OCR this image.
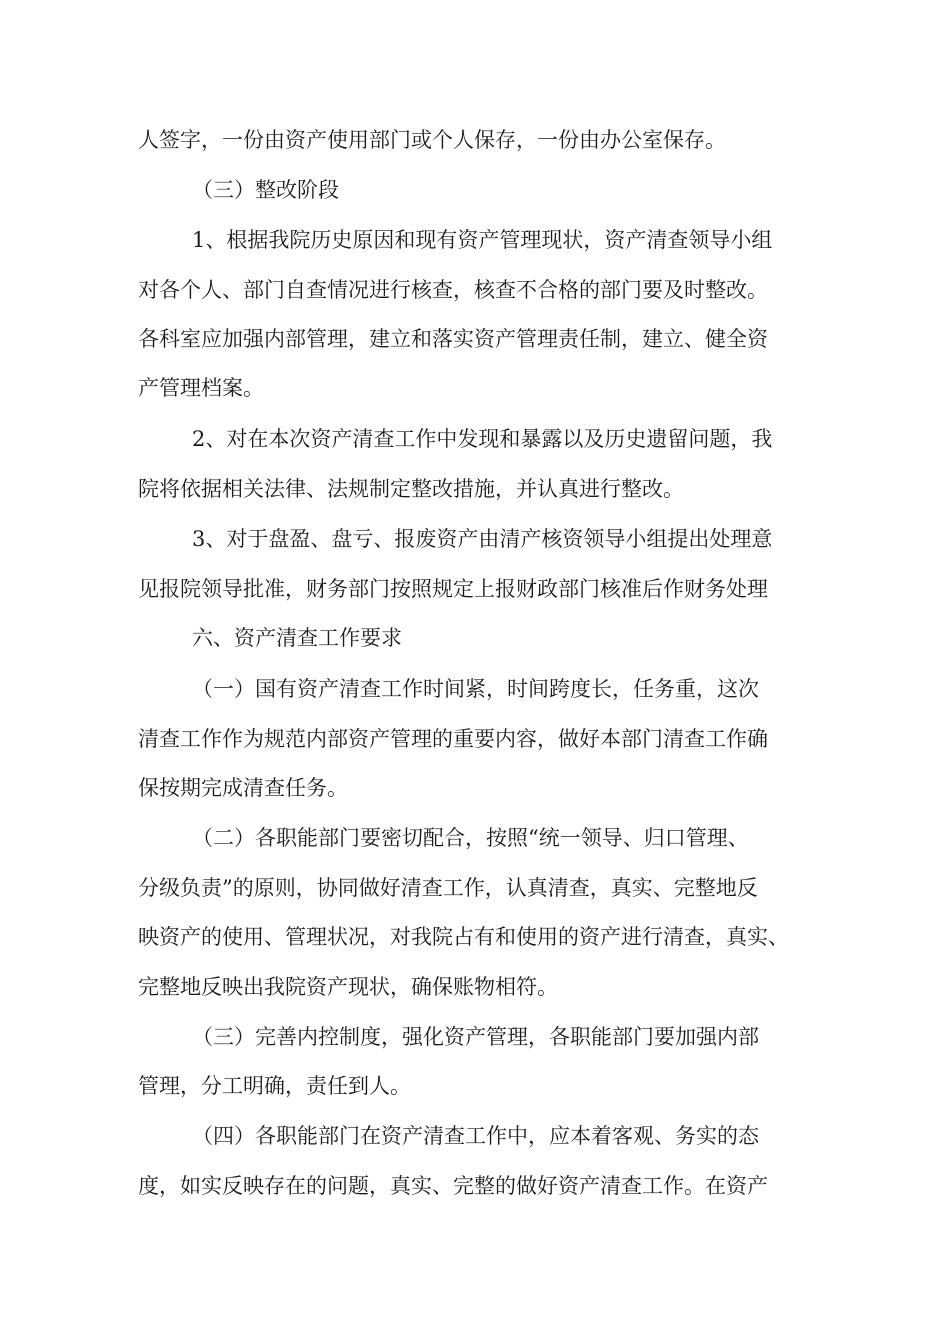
人签字，一份由资产使用部门或个人保存，一份由办公室保存。
（三）整改阶段
1、根据我院历史原因和现有资产管理现状，资产清查领导小组
对各个人、部门自查情况进行核查，核查不合格的部门要及时整改。
各科室应加强内部管理，建立和落实资产管理责任制，建立、健全资
产管理档案。
2、对在本次资产清查工作中发现和暴露以及历史遗留问题，我
院将依据相关法律、法规制定整改措施，并认真进行整改。
3、对于盘盈、盘亏、报废资产由清产核资领导小组提出处理意
见报院领导批准，财务部门按照规定上报财政部门核准后作财务处理
六、资产清查工作要求
（一）国有资产清查工作时间紧，时间跨度长，任务重，这次
清查工作作为规范内部资产管理的重要内容，做好本部门清查工作确
保按期完成清查任务。
（二）各职能部门要密切配合，按照“统一领导、归口管理、
分级负责”的原则，协同做好清查工作，认真清查，真实、完整地反
映资产的使用、管理状况，对我院占有和使用的资产进行清查，真实、
完整地反映出我院资产现状，确保账物相符。
（三）完善内控制度，强化资产管理，各职能部门要加强内部
管理，分工明确，责任到人。
（四）各职能部门在资产清查工作中，应本着客观、务实的态
度，如实反映存在的问题，真实、完整的做好资产清查工作。在资产
